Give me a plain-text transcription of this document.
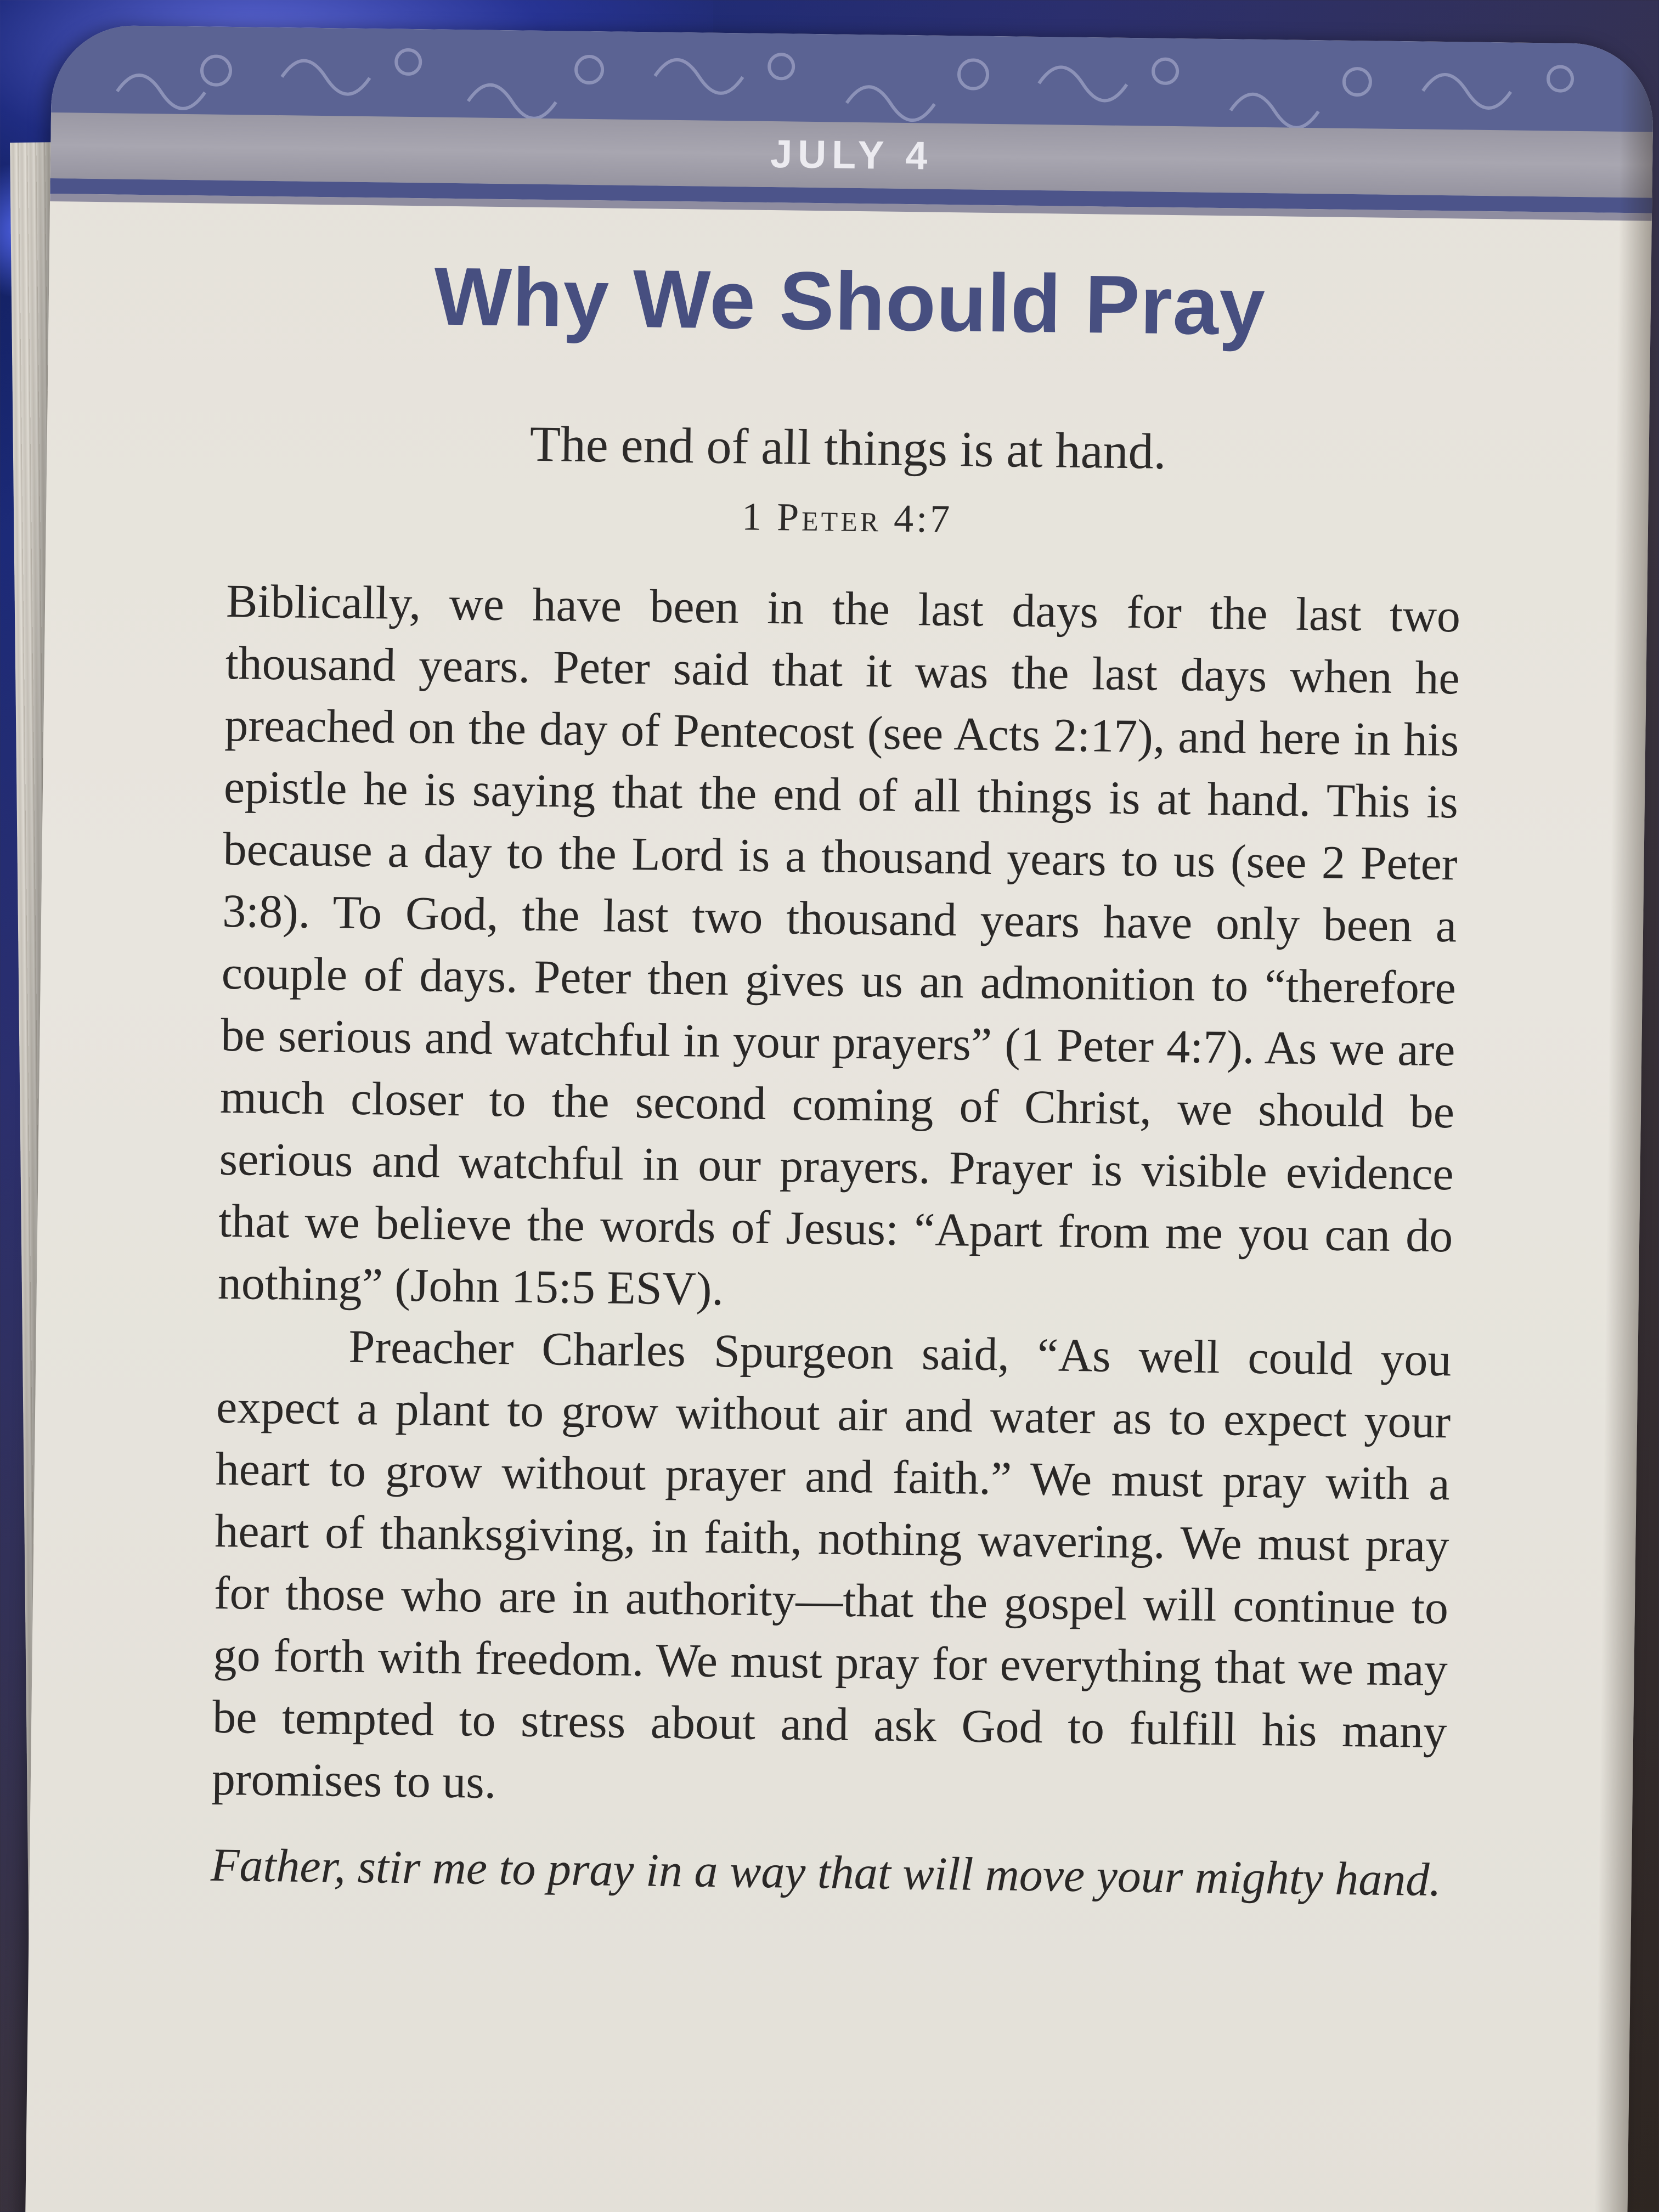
JULY 4
Why We Should Pray
The end of all things is at hand.
1 Peter 4:7

Biblically, we have been in the last days for the last two thousand years. Peter said that it was the last days when he preached on the day of Pentecost (see Acts 2:17), and here in his epistle he is saying that the end of all things is at hand. This is because a day to the Lord is a thousand years to us (see 2 Peter 3:8). To God, the last two thousand years have only been a couple of days. Peter then gives us an admonition to “therefore be serious and watchful in your prayers” (1 Peter 4:7). As we are much closer to the second coming of Christ, we should be serious and watchful in our prayers. Prayer is visible evidence that we believe the words of Jesus: “Apart from me you can do nothing” (John 15:5 ESV).

Preacher Charles Spurgeon said, “As well could you expect a plant to grow without air and water as to expect your heart to grow without prayer and faith.” We must pray with a heart of thanksgiving, in faith, nothing wavering. We must pray for those who are in authority—that the gospel will continue to go forth with freedom. We must pray for everything that we may be tempted to stress about and ask God to fulfill his many promises to us.

Father, stir me to pray in a way that will move your mighty hand.
